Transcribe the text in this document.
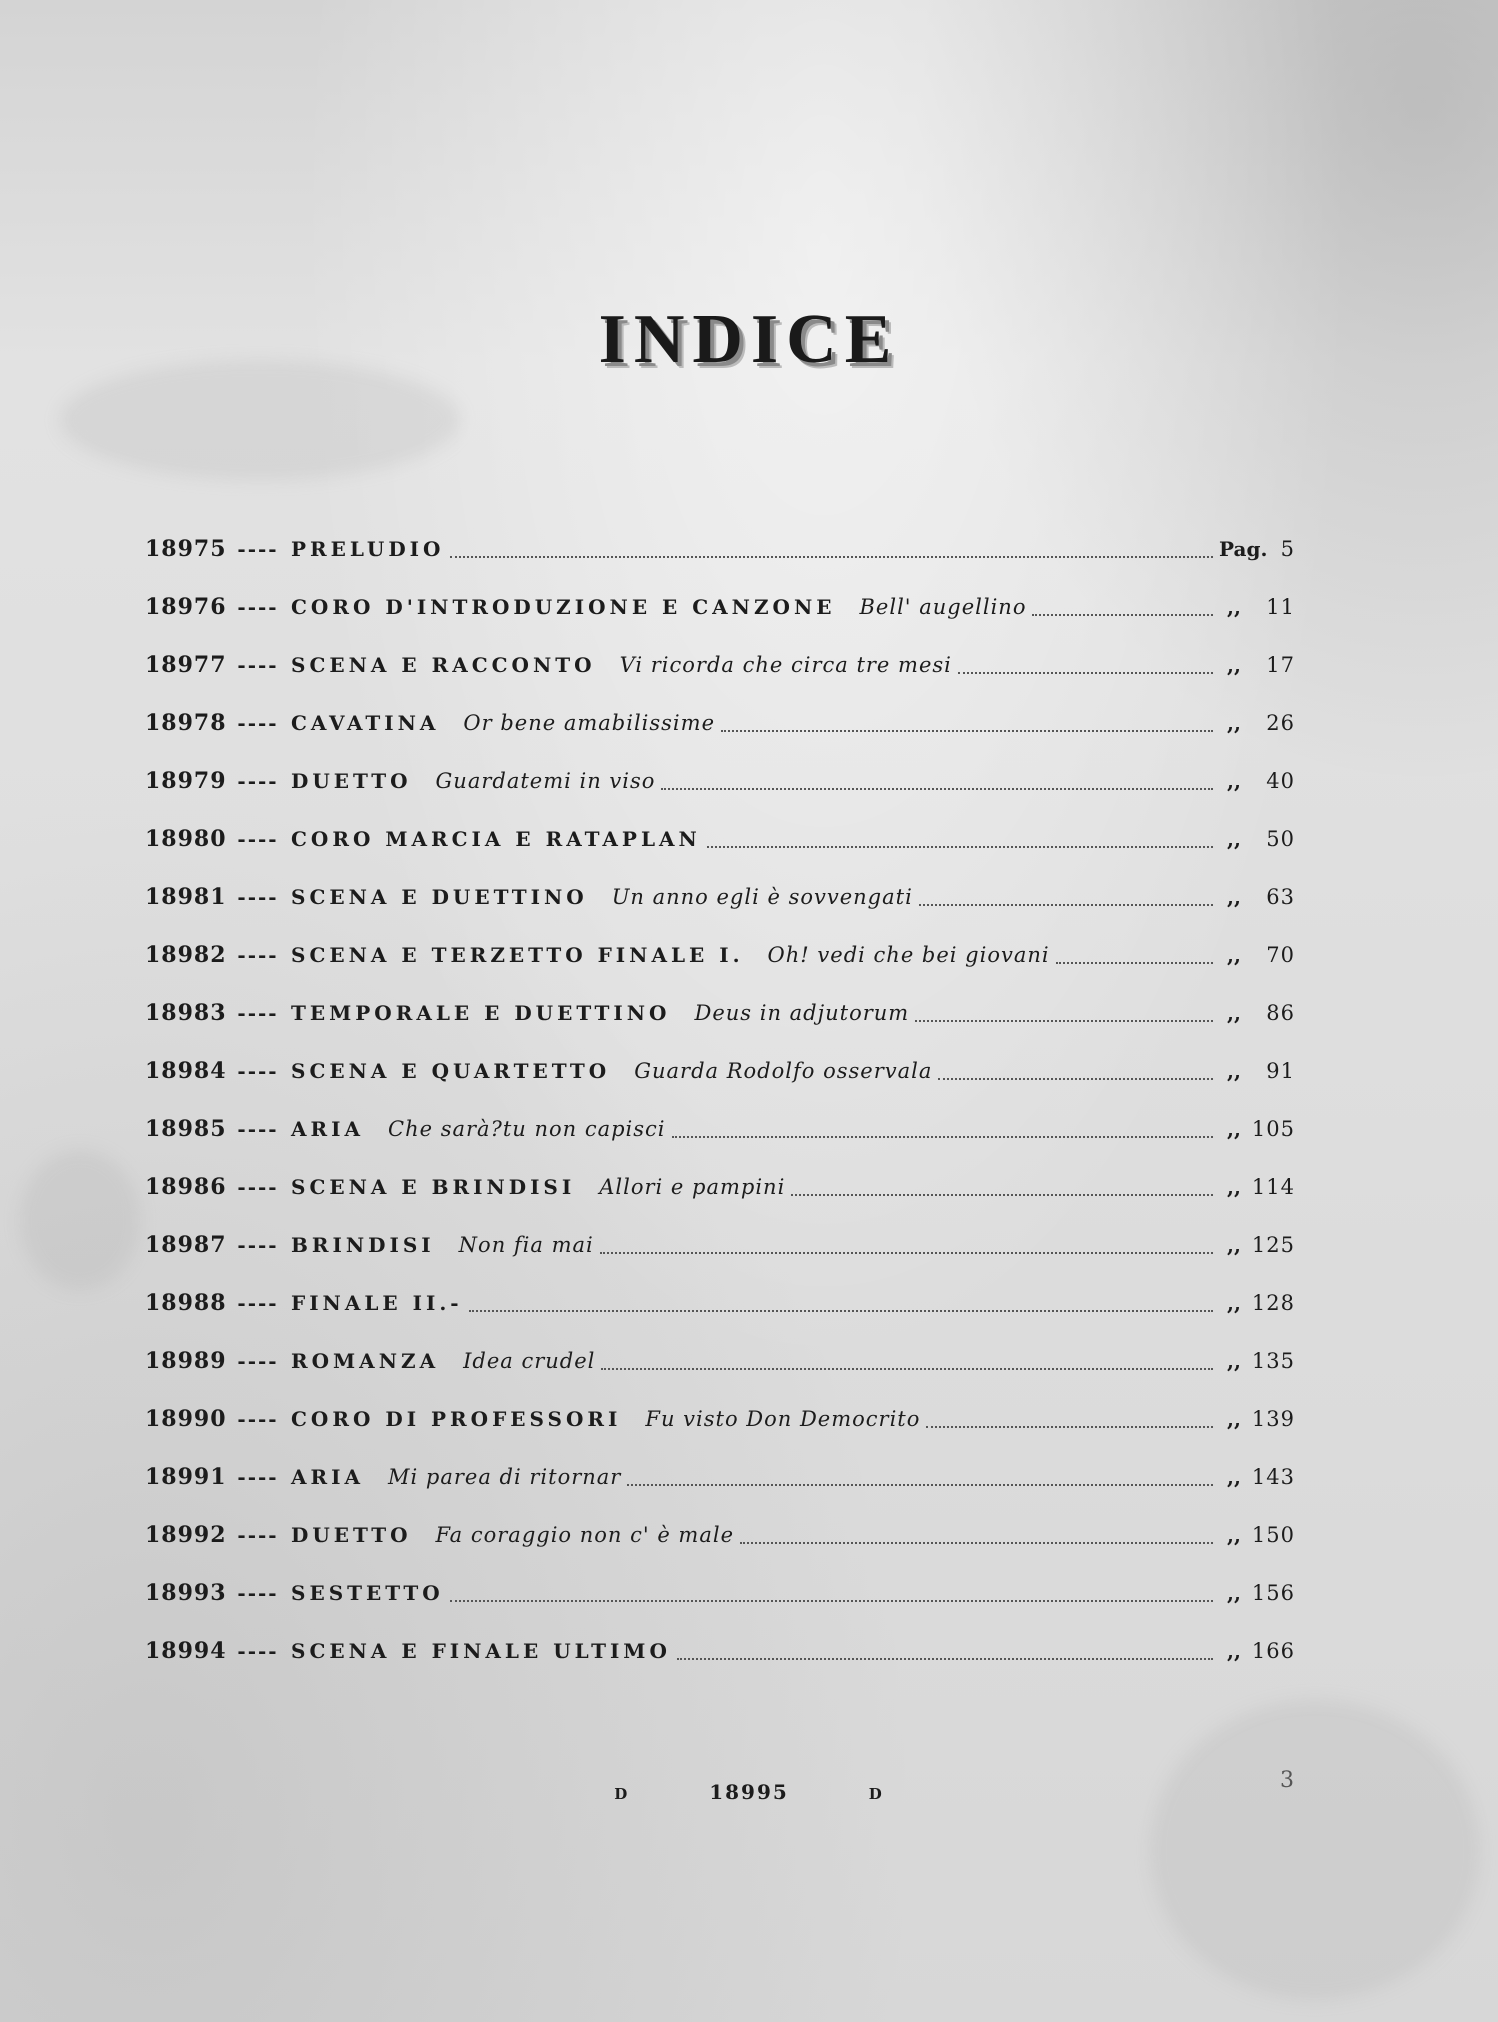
INDICE
18975 ---- PRELUDIO	Pag. 5
18976 ---- CORO D'INTRODUZIONE E CANZONE Bell' augellino	,,	11
18977 ---- SCENA E RACCONTO Vi ricorda che circa tre mesi	,,	17
18978 ---- CAVATINA Or bene amabilissime	,,	26
18979 ---- DUETTO Guardatemi in viso	,,	40
18980 ---- CORO MARCIA E RATAPLAN	,,	50
18981 ---- SCENA E DUETTINO Un anno egli è sovvengati	,,	63
18982 ---- SCENA E TERZETTO FINALE I. Oh! vedi che bei giovani	,,	70
18983 ---- TEMPORALE E DUETTINO Deus in adjutorum	,,	86
18984 ---- SCENA E QUARTETTO Guarda Rodolfo osservala	,,	91
18985 ---- ARIA Che sarà?tu non capisci	,, 105
18986 ---- SCENA E BRINDISI Allori e pampini	,, 114
18987 ---- BRINDISI Non fia mai	,, 125
18988 ---- FINALE II.-	,, 128
18989 ---- ROMANZA Idea crudel	,, 135
18990 ---- CORO DI PROFESSORI Fu visto Don Democrito	,, 139
18991 ---- ARIA Mi parea di ritornar	,, 143
18992 ---- DUETTO Fa coraggio non c' è male	,, 150
18993 ---- SESTETTO	,, 156
18994 ---- SCENA E FINALE ULTIMO	,, 166
D	18995	D
3
